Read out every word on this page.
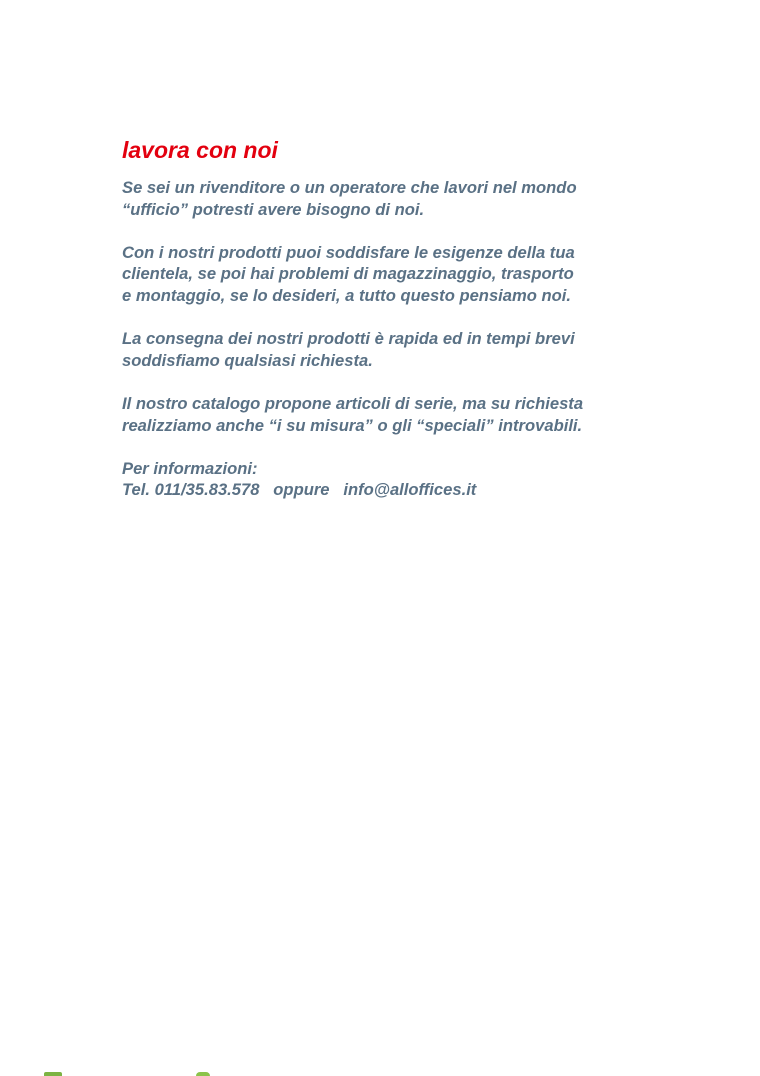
lavora con noi
Se sei un rivenditore o un operatore che lavori nel mondo
“ufficio” potresti avere bisogno di noi.
Con i nostri prodotti puoi soddisfare le esigenze della tua
clientela, se poi hai problemi di magazzinaggio, trasporto
e montaggio, se lo desideri, a tutto questo pensiamo noi.
La consegna dei nostri prodotti è rapida ed in tempi brevi
soddisfiamo qualsiasi richiesta.
Il nostro catalogo propone articoli di serie, ma su richiesta
realizziamo anche “i su misura” o gli “speciali” introvabili.
Per informazioni:
Tel. 011/35.83.578   oppure   info@alloffices.it
